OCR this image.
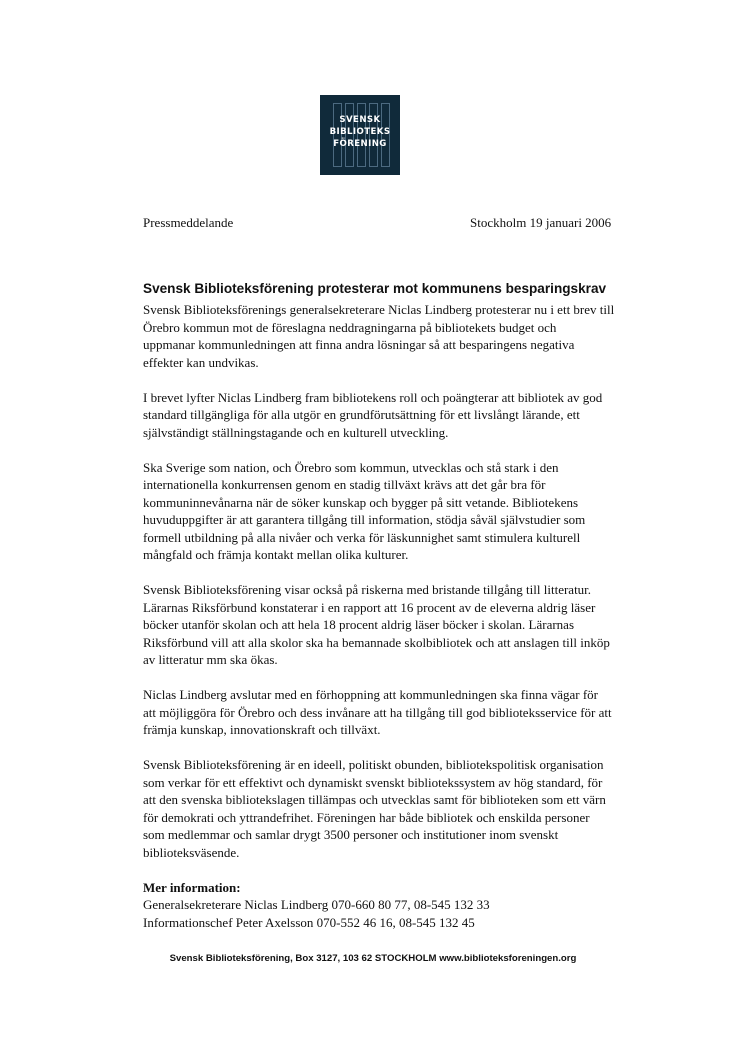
SVENSK
BIBLIOTEKS
FÖRENING
Pressmeddelande	Stockholm 19 januari 2006
Svensk Biblioteksförening protesterar mot kommunens besparingskrav

Svensk Biblioteksförenings generalsekreterare Niclas Lindberg protesterar nu i ett brev till
Örebro kommun mot de föreslagna neddragningarna på bibliotekets budget och
uppmanar kommunledningen att finna andra lösningar så att besparingens negativa
effekter kan undvikas.

I brevet lyfter Niclas Lindberg fram bibliotekens roll och poängterar att bibliotek av god
standard tillgängliga för alla utgör en grundförutsättning för ett livslångt lärande, ett
självständigt ställningstagande och en kulturell utveckling.

Ska Sverige som nation, och Örebro som kommun, utvecklas och stå stark i den
internationella konkurrensen genom en stadig tillväxt krävs att det går bra för
kommuninnevånarna när de söker kunskap och bygger på sitt vetande. Bibliotekens
huvuduppgifter är att garantera tillgång till information, stödja såväl självstudier som
formell utbildning på alla nivåer och verka för läskunnighet samt stimulera kulturell
mångfald och främja kontakt mellan olika kulturer.

Svensk Biblioteksförening visar också på riskerna med bristande tillgång till litteratur.
Lärarnas Riksförbund konstaterar i en rapport att 16 procent av de eleverna aldrig läser
böcker utanför skolan och att hela 18 procent aldrig läser böcker i skolan. Lärarnas
Riksförbund vill att alla skolor ska ha bemannade skolbibliotek och att anslagen till inköp
av litteratur mm ska ökas.

Niclas Lindberg avslutar med en förhoppning att kommunledningen ska finna vägar för
att möjliggöra för Örebro och dess invånare att ha tillgång till god biblioteksservice för att
främja kunskap, innovationskraft och tillväxt.

Svensk Biblioteksförening är en ideell, politiskt obunden, bibliotekspolitisk organisation
som verkar för ett effektivt och dynamiskt svenskt bibliotekssystem av hög standard, för
att den svenska bibliotekslagen tillämpas och utvecklas samt för biblioteken som ett värn
för demokrati och yttrandefrihet. Föreningen har både bibliotek och enskilda personer
som medlemmar och samlar drygt 3500 personer och institutioner inom svenskt
biblioteksväsende.

Mer information:
Generalsekreterare Niclas Lindberg 070-660 80 77, 08-545 132 33
Informationschef Peter Axelsson 070-552 46 16, 08-545 132 45

Svensk Biblioteksförening, Box 3127, 103 62 STOCKHOLM www.biblioteksforeningen.org
